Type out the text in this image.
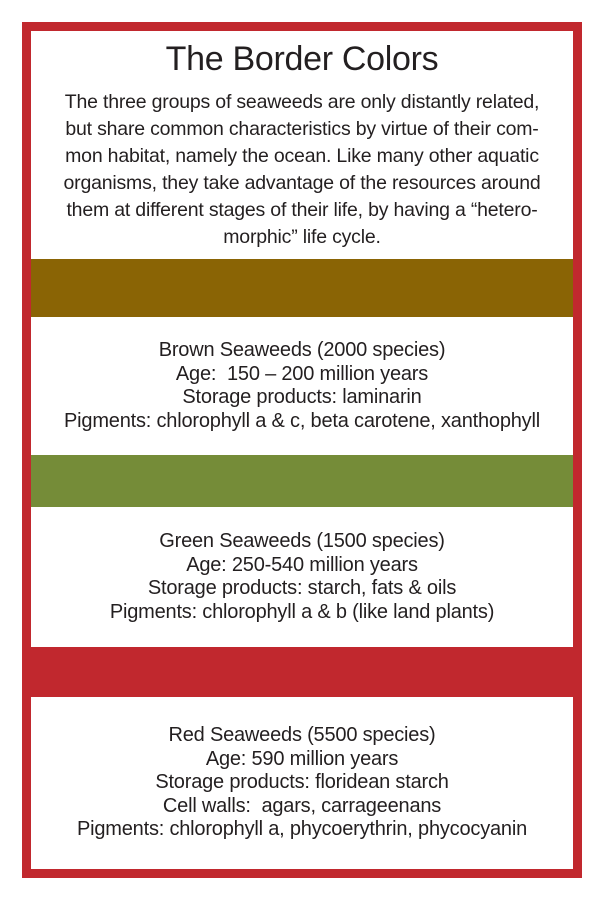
The Border Colors
The three groups of seaweeds are only distantly related,
but share common characteristics by virtue of their com-
mon habitat, namely the ocean. Like many other aquatic
organisms, they take advantage of the resources around
them at different stages of their life, by having a “hetero-
morphic” life cycle.
Brown Seaweeds (2000 species)
Age:  150 – 200 million years
Storage products: laminarin
Pigments: chlorophyll a & c, beta carotene, xanthophyll
Green Seaweeds (1500 species)
Age: 250-540 million years
Storage products: starch, fats & oils
Pigments: chlorophyll a & b (like land plants)
Red Seaweeds (5500 species)
Age: 590 million years
Storage products: floridean starch
Cell walls:  agars, carrageenans
Pigments: chlorophyll a, phycoerythrin, phycocyanin
